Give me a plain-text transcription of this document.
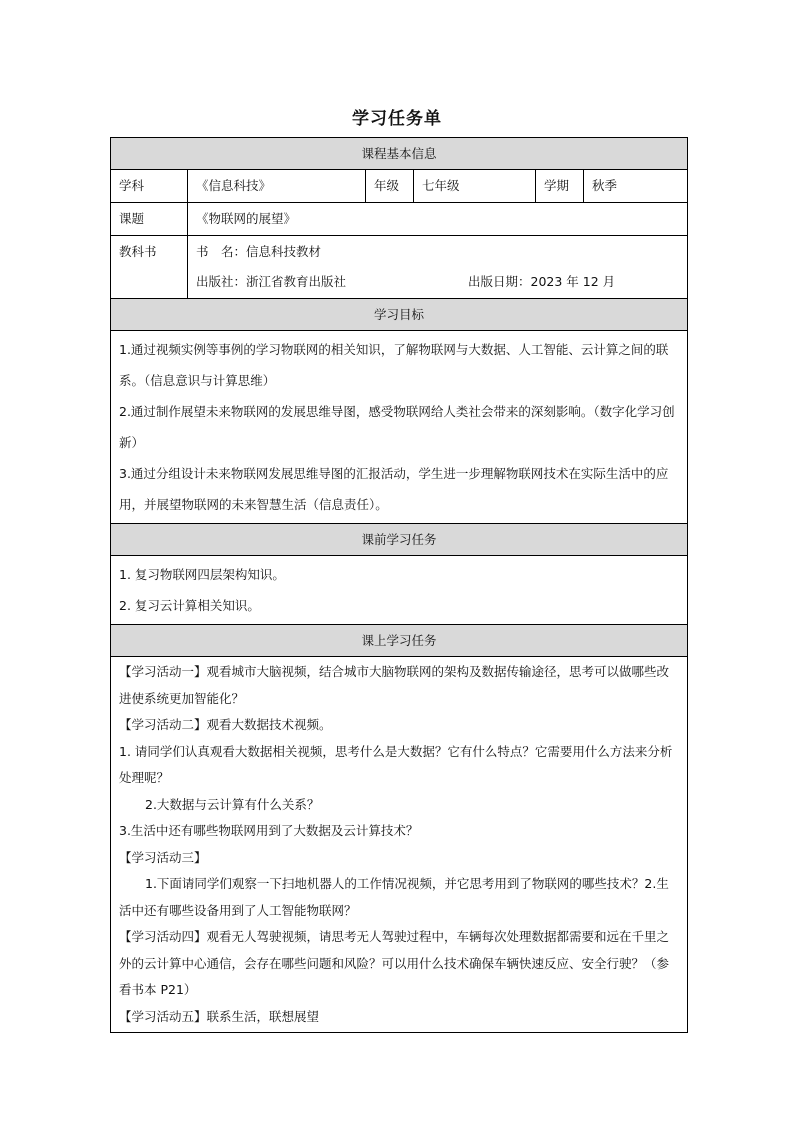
学习任务单
课程基本信息
学科	《信息科技》	年级	七年级	学期	秋季
课题	《物联网的展望》
教科书	书　名：信息科技教材
出版社：浙江省教育出版社	出版日期：2023 年 12 月
学习目标
1.通过视频实例等事例的学习物联网的相关知识，了解物联网与大数据、人工智能、云计算之间的联系。（信息意识与计算思维）
2.通过制作展望未来物联网的发展思维导图，感受物联网给人类社会带来的深刻影响。（数字化学习创新）
3.通过分组设计未来物联网发展思维导图的汇报活动，学生进一步理解物联网技术在实际生活中的应用，并展望物联网的未来智慧生活（信息责任）。
课前学习任务
1. 复习物联网四层架构知识。
2. 复习云计算相关知识。
课上学习任务
【学习活动一】观看城市大脑视频，结合城市大脑物联网的架构及数据传输途径，思考可以做哪些改进使系统更加智能化？
【学习活动二】观看大数据技术视频。
1. 请同学们认真观看大数据相关视频，思考什么是大数据？它有什么特点？它需要用什么方法来分析处理呢？
2.大数据与云计算有什么关系？
3.生活中还有哪些物联网用到了大数据及云计算技术？
【学习活动三】
1.下面请同学们观察一下扫地机器人的工作情况视频，并它思考用到了物联网的哪些技术？2.生活中还有哪些设备用到了人工智能物联网？
【学习活动四】观看无人驾驶视频，请思考无人驾驶过程中，车辆每次处理数据都需要和远在千里之外的云计算中心通信，会存在哪些问题和风险？可以用什么技术确保车辆快速反应、安全行驶？（参看书本 P21）
【学习活动五】联系生活，联想展望
